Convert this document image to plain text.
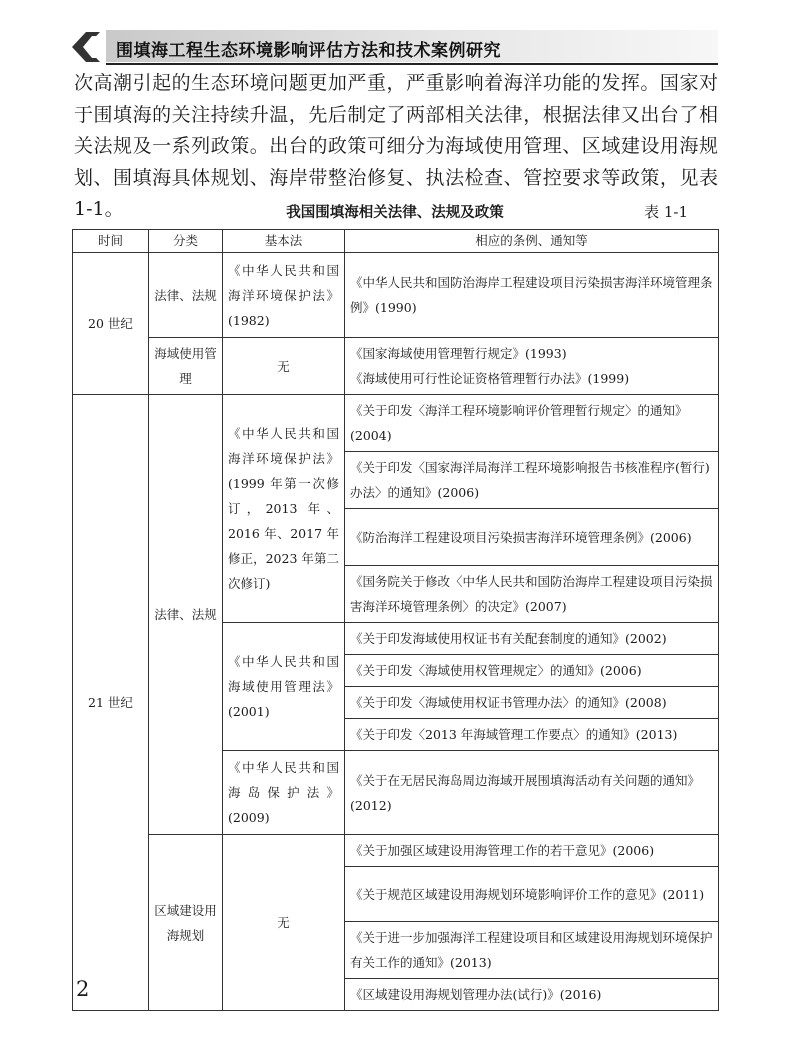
围填海工程生态环境影响评估方法和技术案例研究

次高潮引起的生态环境问题更加严重，严重影响着海洋功能的发挥。国家对于围填海的关注持续升温，先后制定了两部相关法律，根据法律又出台了相关法规及一系列政策。出台的政策可细分为海域使用管理、区域建设用海规划、围填海具体规划、海岸带整治修复、执法检查、管控要求等政策，见表 1-1。	我国围填海相关法律、法规及政策	表 1-1
时间	分类	基本法	相应的条例、通知等
20 世纪	法律、法规	《中华人民共和国海洋环境保护法》(1982)	《中华人民共和国防治海岸工程建设项目污染损害海洋环境管理条例》(1990)
	海域使用管理	无	《国家海域使用管理暂行规定》(1993)
《海域使用可行性论证资格管理暂行办法》(1999)

21 世纪	法律、法规	《中华人民共和国海洋环境保护法》(1999 年第一次修订，2013 年、2016 年、2017 年修正，2023 年第二次修订)	《关于印发〈海洋工程环境影响评价管理暂行规定〉的通知》(2004)
			《关于印发〈国家海洋局海洋工程环境影响报告书核准程序(暂行)办法〉的通知》(2006)
			《防治海洋工程建设项目污染损害海洋环境管理条例》(2006)
			《国务院关于修改〈中华人民共和国防治海岸工程建设项目污染损害海洋环境管理条例〉的决定》(2007)
		《中华人民共和国海域使用管理法》(2001)	《关于印发海域使用权证书有关配套制度的通知》(2002)
			《关于印发〈海域使用权管理规定〉的通知》(2006)
			《关于印发〈海域使用权证书管理办法〉的通知》(2008)
			《关于印发〈2013 年海域管理工作要点〉的通知》(2013)
		《中华人民共和国海岛保护法》(2009)	《关于在无居民海岛周边海域开展围填海活动有关问题的通知》(2012)
	区域建设用海规划	无	《关于加强区域建设用海管理工作的若干意见》(2006)
			《关于规范区域建设用海规划环境影响评价工作的意见》(2011)
			《关于进一步加强海洋工程建设项目和区域建设用海规划环境保护有关工作的通知》(2013)
			《区域建设用海规划管理办法(试行)》(2016)
2
